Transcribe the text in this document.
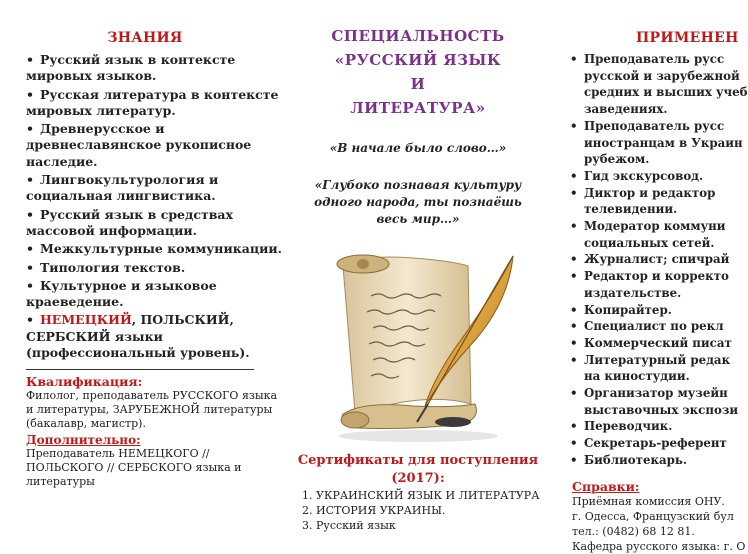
ЗНАНИЯ
• Русский язык в контексте мировых языков.
• Русская литература в контексте мировых литератур.
• Древнерусское и древнеславянское рукописное наследие.
• Лингвокультурология и социальная лингвистика.
• Русский язык в средствах массовой информации.
• Межкультурные коммуникации.
• Типология текстов.
• Культурное и языковое краеведение.
• НЕМЕЦКИЙ, ПОЛЬСКИЙ, СЕРБСКИЙ языки (профессиональный уровень).
Квалификация:
Филолог, преподаватель РУССКОГО языка и литературы, ЗАРУБЕЖНОЙ литературы (бакалавр, магистр).
Дополнительно:
Преподаватель НЕМЕЦКОГО // ПОЛЬСКОГО // СЕРБСКОГО языка и литературы
СПЕЦИАЛЬНОСТЬ
«РУССКИЙ ЯЗЫК
И
ЛИТЕРАТУРА»
«В начале было слово…»
«Глубоко познавая культуру одного народа, ты познаёшь весь мир…»
Сертификаты для поступления (2017):
1. УКРАИНСКИЙ ЯЗЫК И ЛИТЕРАТУРА
2. ИСТОРИЯ УКРАИНЫ.
3. Русский язык
ПРИМЕНЕН
• Преподаватель русс
русской и зарубежной
средних и высших учеб
заведениях.
• Преподаватель русс
иностранцам в Украин
рубежом.
• Гид экскурсовод.
• Диктор и редактор
телевидении.
• Модератор коммуни
социальных сетей.
• Журналист; спичрай
• Редактор и корректо
издательстве.
• Копирайтер.
• Специалист по рекл
• Коммерческий писат
• Литературный редак
на киностудии.
• Организатор музейн
выставочных экспози
• Переводчик.
• Секретарь-референт
• Библиотекарь.
Справки:
Приёмная комиссия ОНУ.
г. Одесса, Французский бул
тел.: (0482) 68 12 81.
Кафедра русского языка: г. О
